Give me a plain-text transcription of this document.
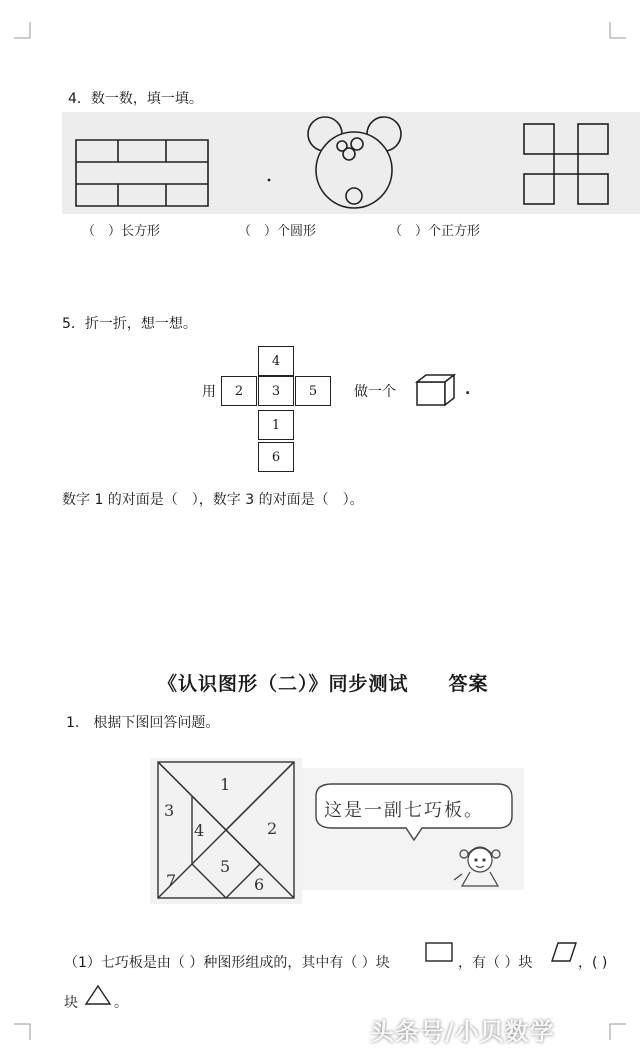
4．数一数，填一填。
（　）长方形	（　）个圆形	（　）个正方形
5．折一折，想一想。
用
4
2	3	5
1
6
做一个	.
数字 1 的对面是（　），数字 3 的对面是（　）。
《认识图形（二）》同步测试　　答案
1.　根据下图回答问题。
1
2
3
4
5
6
7
这是一副七巧板。
（1）七巧板是由（ ）种图形组成的，其中有（ ）块	，有（ ）块	，( )
块	。
头条号/小贝数学
